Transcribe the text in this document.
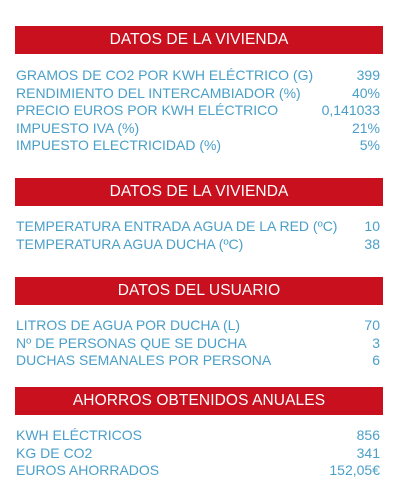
DATOS DE LA VIVIENDA
GRAMOS DE CO2 POR KWH ELÉCTRICO (G)	399
RENDIMIENTO DEL INTERCAMBIADOR (%)	40%
PRECIO EUROS POR KWH ELÉCTRICO	0,141033
IMPUESTO IVA (%)	21%
IMPUESTO ELECTRICIDAD (%)	5%
DATOS DE LA VIVIENDA
TEMPERATURA ENTRADA AGUA DE LA RED (ºC)	10
TEMPERATURA AGUA DUCHA (ºC)	38
DATOS DEL USUARIO
LITROS DE AGUA POR DUCHA (L)	70
Nº DE PERSONAS QUE SE DUCHA	3
DUCHAS SEMANALES POR PERSONA	6
AHORROS OBTENIDOS ANUALES
KWH ELÉCTRICOS	856
KG DE CO2	341
EUROS AHORRADOS	152,05€
